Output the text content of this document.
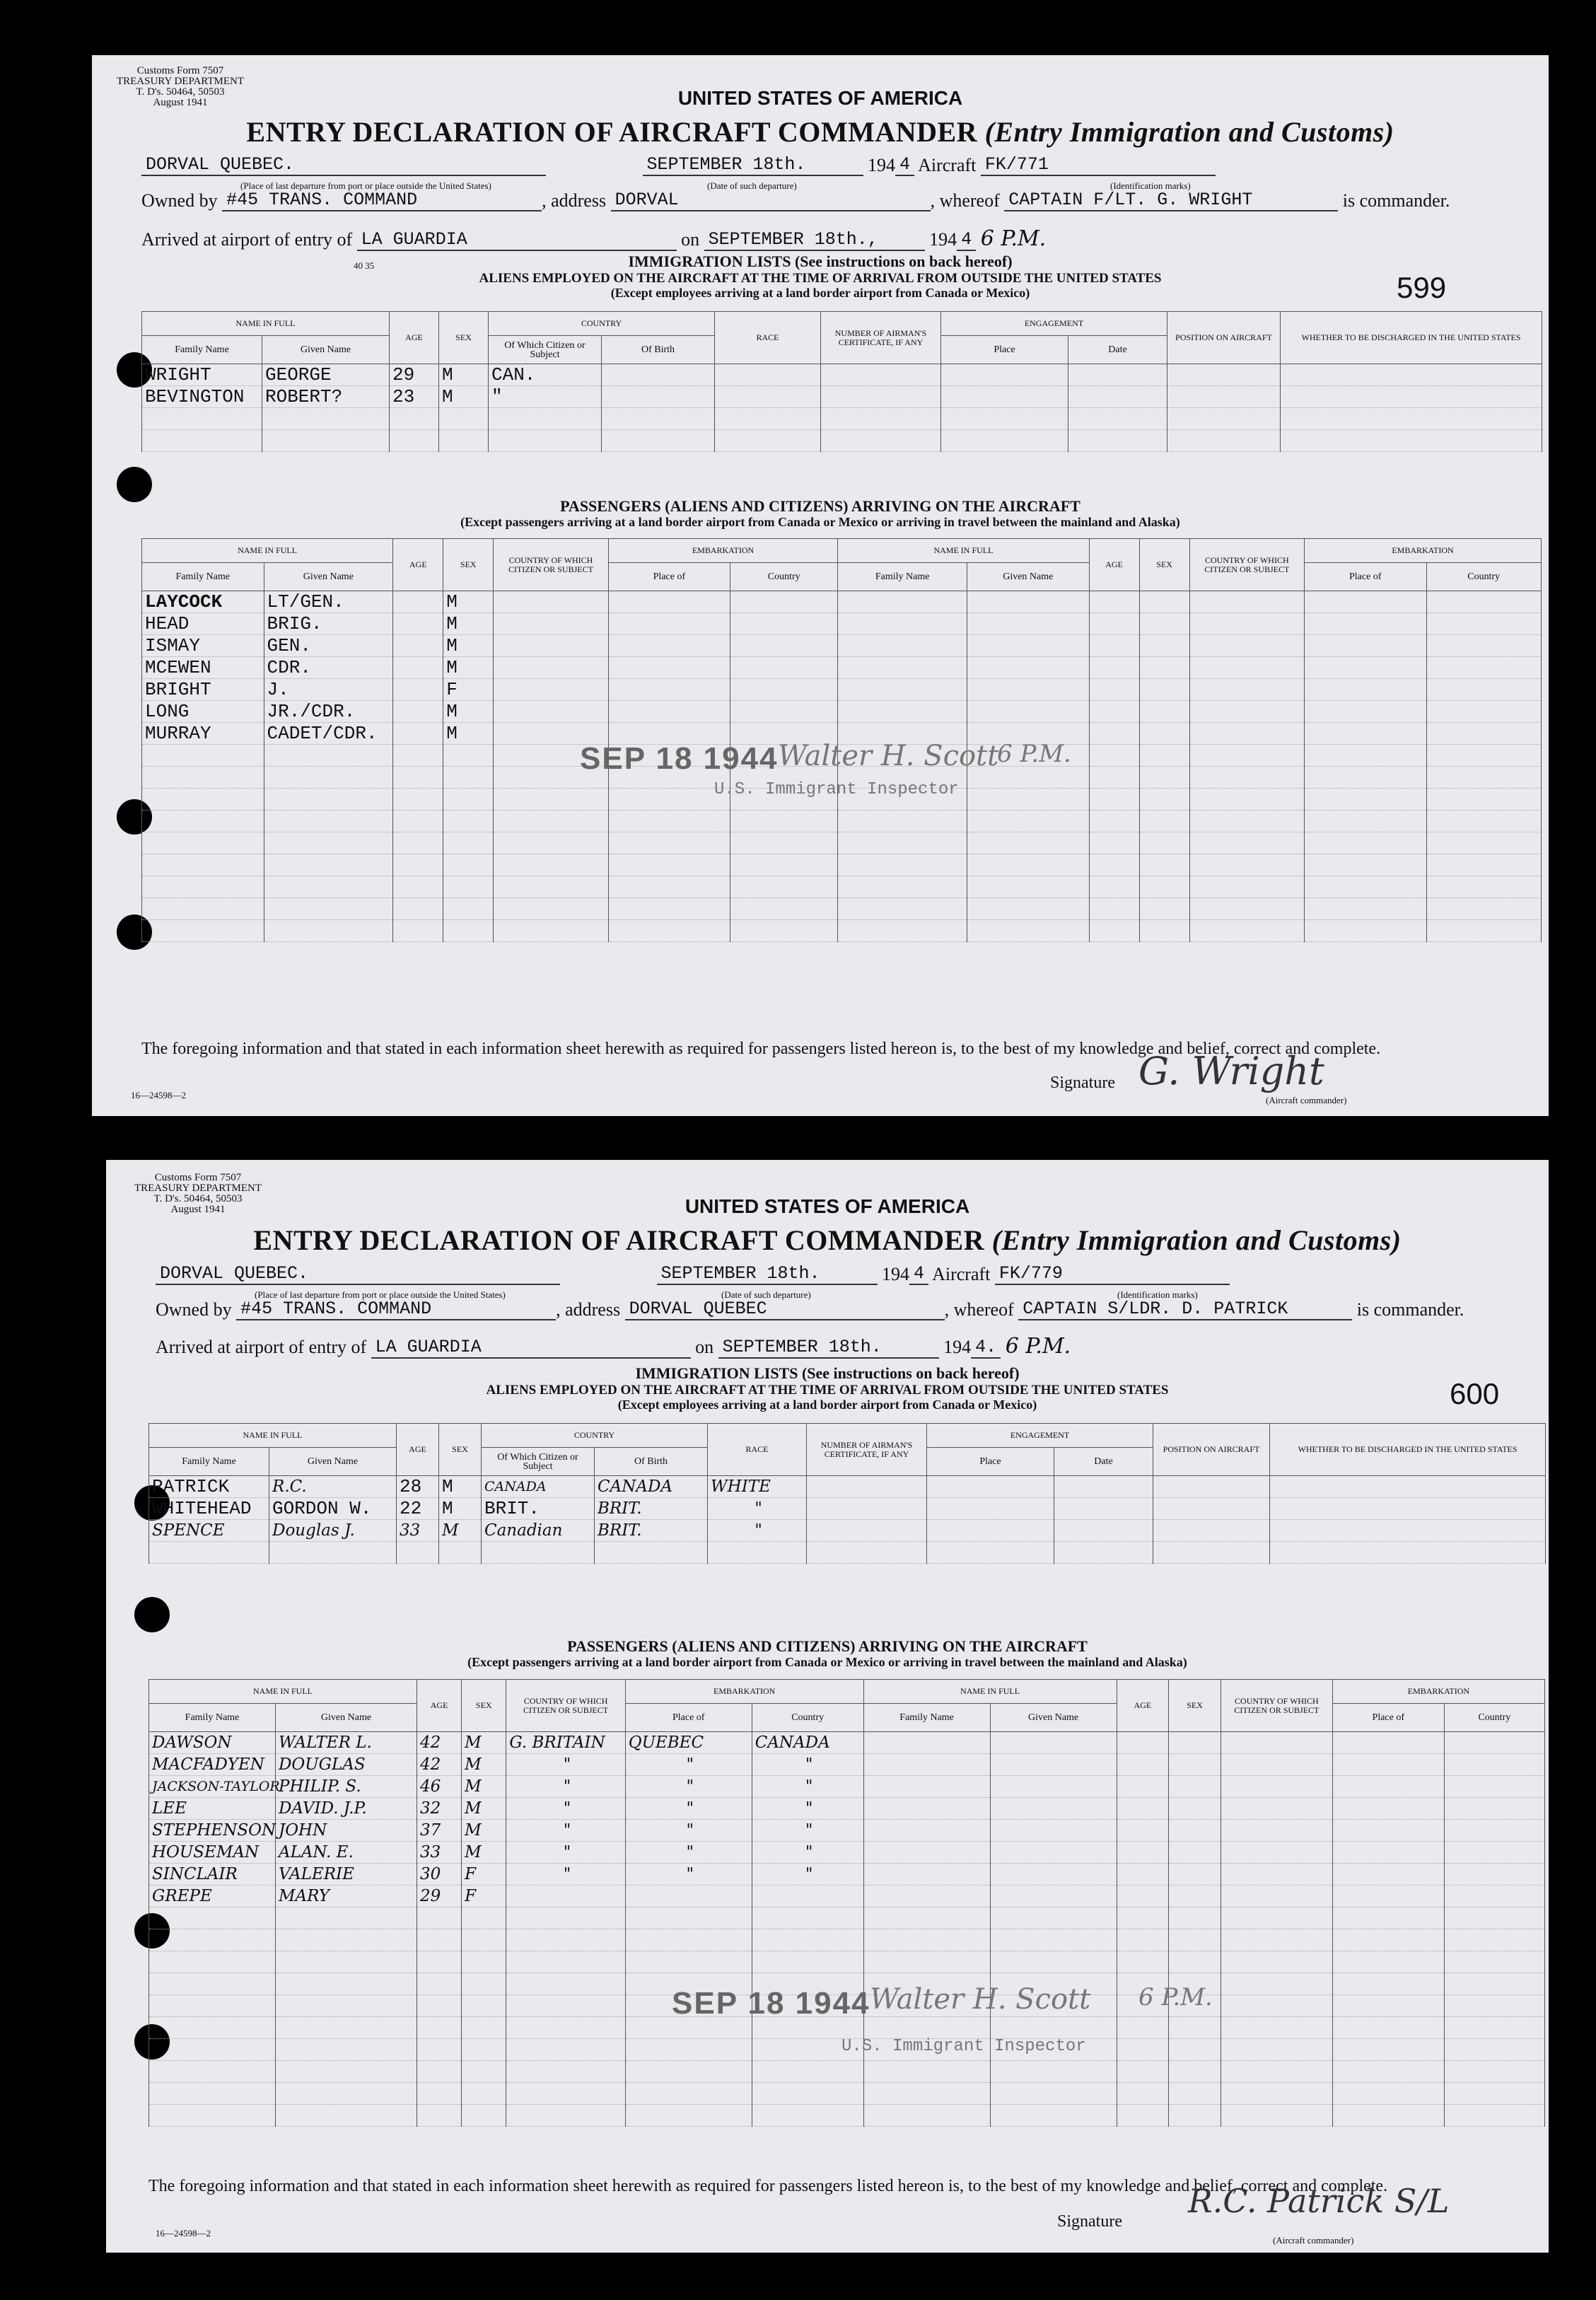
Customs Form 7507
TREASURY DEPARTMENT
T. D's. 50464, 50503
August 1941	UNITED STATES OF AMERICA
ENTRY DECLARATION OF AIRCRAFT COMMANDER (Entry Immigration and Customs)
DORVAL QUEBEC.	SEPTEMBER 18th.	194 4 Aircraft FK/771
(Place of last departure from port or place outside the United States)	(Date of such departure)	(Identification marks)
Owned by #45 TRANS. COMMAND	, address DORVAL	, whereof CAPTAIN F/LT. G. WRIGHT	is commander.
Arrived at airport of entry of LA GUARDIA	on SEPTEMBER 18th.,	194 4 6 P.M.
40 35	IMMIGRATION LISTS (See instructions on back hereof)
ALIENS EMPLOYED ON THE AIRCRAFT AT THE TIME OF ARRIVAL FROM OUTSIDE THE UNITED STATES
(Except employees arriving at a land border airport from Canada or Mexico)	599
NAME IN FULL		AGE	SEX	COUNTRY		RACE	NUMBER OF AIRMAN'S CERTIFICATE, IF ANY	ENGAGEMENT		POSITION ON AIRCRAFT	WHETHER TO BE DISCHARGED IN THE UNITED STATES
Family Name	Given Name			Of Which Citizen or Subject	Of Birth			Place	Date		
WRIGHT	GEORGE	29	M	CAN.							
BEVINGTON	ROBERT?	23	M	"							

PASSENGERS (ALIENS AND CITIZENS) ARRIVING ON THE AIRCRAFT
(Except passengers arriving at a land border airport from Canada or Mexico or arriving in travel between the mainland and Alaska)
NAME IN FULL		AGE	SEX	COUNTRY OF WHICH CITIZEN OR SUBJECT	EMBARKATION		NAME IN FULL		AGE	SEX	COUNTRY OF WHICH CITIZEN OR SUBJECT	EMBARKATION	
Family Name	Given Name				Place of	Country	Family Name	Given Name				Place of	Country
LAYCOCK	LT/GEN.		M										
HEAD	BRIG.		M										
ISMAY	GEN.		M										
MCEWEN	CDR.		M										
BRIGHT	J.		F										
LONG	JR./CDR.		M										
MURRAY	CADET/CDR.		M										

SEP 18 1944 Walter H. Scott
6 P.M.
U.S. Immigrant Inspector
The foregoing information and that stated in each information sheet herewith as required for passengers listed hereon is, to the best of my knowledge and belief, correct and complete.
Signature G. Wright
(Aircraft commander)
16—24598—2
Customs Form 7507
TREASURY DEPARTMENT
T. D's. 50464, 50503
August 1941	UNITED STATES OF AMERICA
ENTRY DECLARATION OF AIRCRAFT COMMANDER (Entry Immigration and Customs)
DORVAL QUEBEC.	SEPTEMBER 18th.	194 4 Aircraft FK/779
(Place of last departure from port or place outside the United States)	(Date of such departure)	(Identification marks)
Owned by #45 TRANS. COMMAND	, address DORVAL QUEBEC	, whereof CAPTAIN S/LDR. D. PATRICK	is commander.
Arrived at airport of entry of LA GUARDIA	on SEPTEMBER 18th.	194 4. 6 P.M.
IMMIGRATION LISTS (See instructions on back hereof)
ALIENS EMPLOYED ON THE AIRCRAFT AT THE TIME OF ARRIVAL FROM OUTSIDE THE UNITED STATES
(Except employees arriving at a land border airport from Canada or Mexico)	600
NAME IN FULL		AGE	SEX	COUNTRY		RACE	NUMBER OF AIRMAN'S CERTIFICATE, IF ANY	ENGAGEMENT		POSITION ON AIRCRAFT	WHETHER TO BE DISCHARGED IN THE UNITED STATES
Family Name	Given Name			Of Which Citizen or Subject	Of Birth			Place	Date		
PATRICK	R.C.	28	M	CANADA	CANADA	WHITE					
WHITEHEAD	GORDON W.	22	M	BRIT.	BRIT.	"					
SPENCE	Douglas J.	33	M	Canadian	BRIT.	"					

PASSENGERS (ALIENS AND CITIZENS) ARRIVING ON THE AIRCRAFT
(Except passengers arriving at a land border airport from Canada or Mexico or arriving in travel between the mainland and Alaska)
NAME IN FULL		AGE	SEX	COUNTRY OF WHICH CITIZEN OR SUBJECT	EMBARKATION		NAME IN FULL		AGE	SEX	COUNTRY OF WHICH CITIZEN OR SUBJECT	EMBARKATION	
Family Name	Given Name				Place of	Country	Family Name	Given Name				Place of	Country
DAWSON	WALTER L.	42	M	G. BRITAIN	QUEBEC	CANADA							
MACFADYEN	DOUGLAS	42	M	"	"	"							
JACKSON-TAYLOR	PHILIP. S.	46	M	"	"	"							
LEE	DAVID. J.P.	32	M	"	"	"							
STEPHENSON	JOHN	37	M	"	"	"							
HOUSEMAN	ALAN. E.	33	M	"	"	"							
SINCLAIR	VALERIE	30	F	"	"	"							
GREPE	MARY	29	F										

SEP 18 1944 Walter H. Scott 6 P.M.
U.S. Immigrant Inspector
The foregoing information and that stated in each information sheet herewith as required for passengers listed hereon is, to the best of my knowledge and belief, correct and complete.
Signature
R.C. Patrick S/L
(Aircraft commander)
16—24598—2
